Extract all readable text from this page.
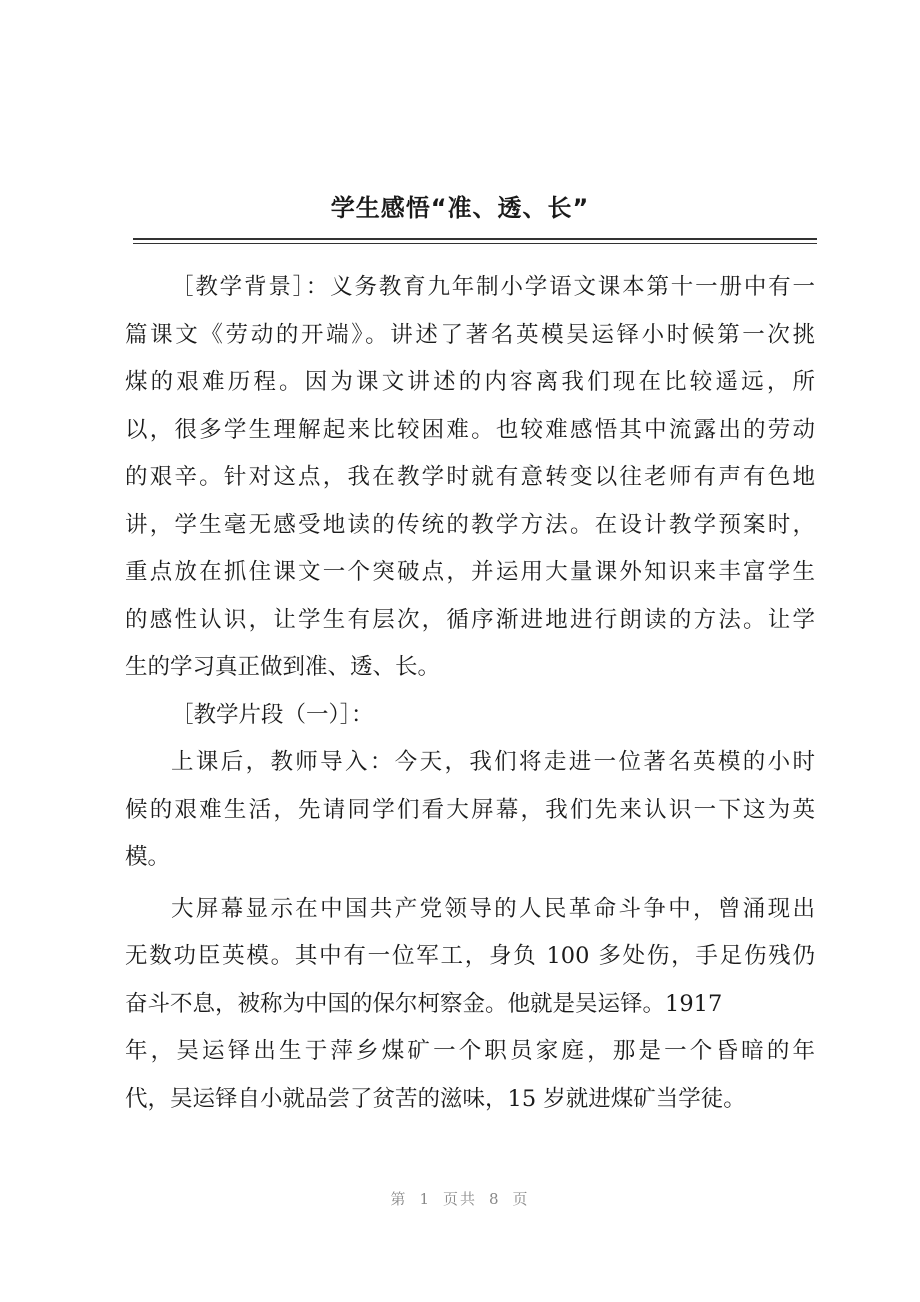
学生感悟“准、透、长”
［教学背景］：义务教育九年制小学语文课本第十一册中有一
篇课文《劳动的开端》。讲述了著名英模吴运铎小时候第一次挑
煤的艰难历程。因为课文讲述的内容离我们现在比较遥远，所
以，很多学生理解起来比较困难。也较难感悟其中流露出的劳动
的艰辛。针对这点，我在教学时就有意转变以往老师有声有色地
讲，学生毫无感受地读的传统的教学方法。在设计教学预案时，
重点放在抓住课文一个突破点，并运用大量课外知识来丰富学生
的感性认识，让学生有层次，循序渐进地进行朗读的方法。让学
生的学习真正做到准、透、长。
［教学片段（一）］：
上课后，教师导入：今天，我们将走进一位著名英模的小时
候的艰难生活，先请同学们看大屏幕，我们先来认识一下这为英
模。
大屏幕显示在中国共产党领导的人民革命斗争中，曾涌现出
无数功臣英模。其中有一位军工，身负 100 多处伤，手足伤残仍
奋斗不息，被称为中国的保尔柯察金。他就是吴运铎。1917
年，吴运铎出生于萍乡煤矿一个职员家庭，那是一个昏暗的年
代，吴运铎自小就品尝了贫苦的滋味，15 岁就进煤矿当学徒。
第 1 页共 8 页
